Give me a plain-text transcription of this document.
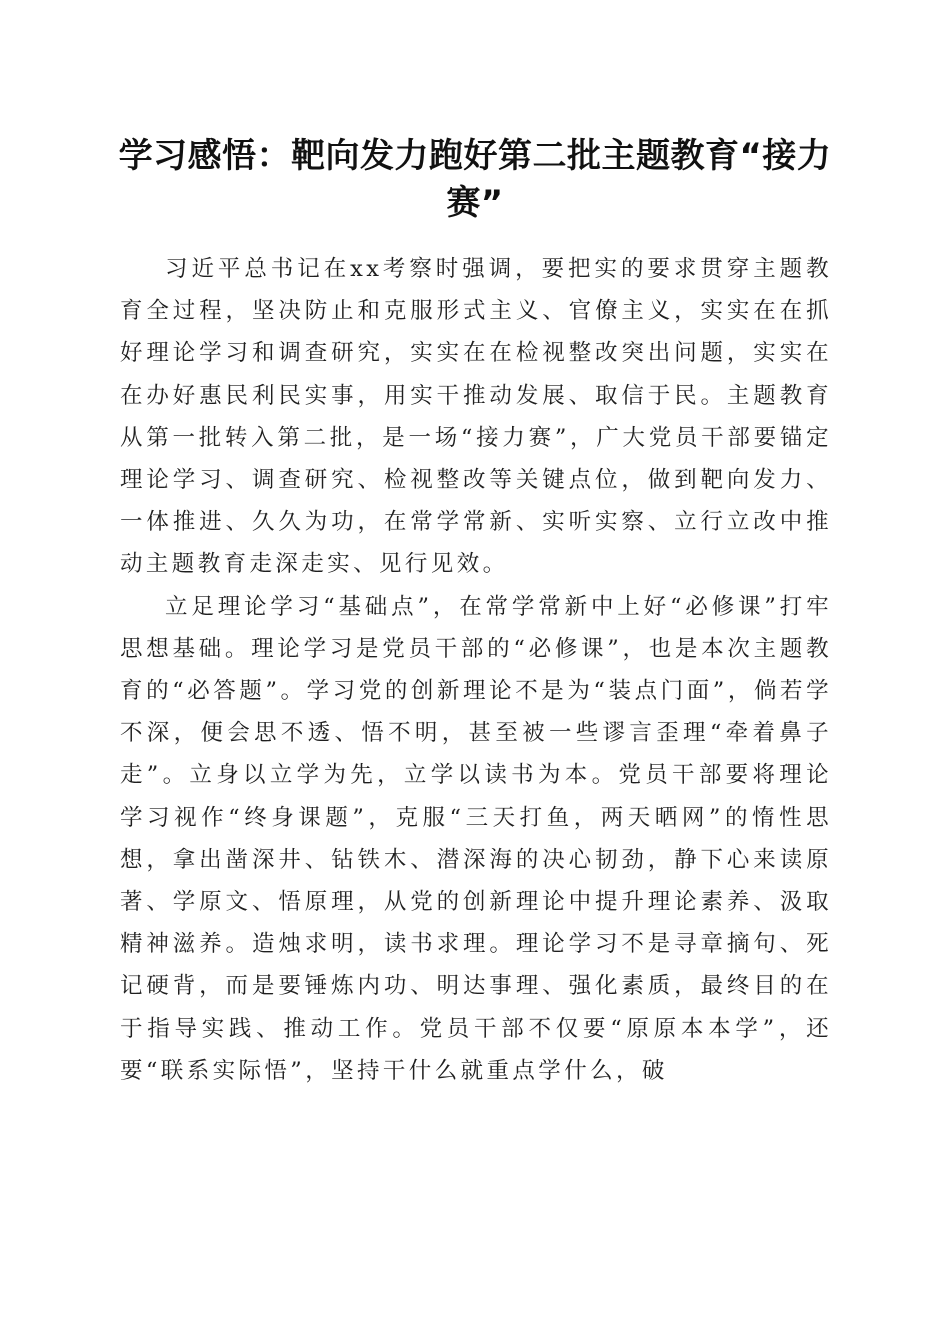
学习感悟：靶向发力跑好第二批主题教育“接力赛”

习近平总书记在xx考察时强调，要把实的要求贯穿主题教育全过程，坚决防止和克服形式主义、官僚主义，实实在在抓好理论学习和调查研究，实实在在检视整改突出问题，实实在在办好惠民利民实事，用实干推动发展、取信于民。主题教育从第一批转入第二批，是一场“接力赛”，广大党员干部要锚定理论学习、调查研究、检视整改等关键点位，做到靶向发力、一体推进、久久为功，在常学常新、实听实察、立行立改中推动主题教育走深走实、见行见效。

立足理论学习“基础点”，在常学常新中上好“必修课”打牢思想基础。理论学习是党员干部的“必修课”，也是本次主题教育的“必答题”。学习党的创新理论不是为“装点门面”，倘若学不深，便会思不透、悟不明，甚至被一些谬言歪理“牵着鼻子走”。立身以立学为先，立学以读书为本。党员干部要将理论学习视作“终身课题”，克服“三天打鱼，两天晒网”的惰性思想，拿出凿深井、钻铁木、潜深海的决心韧劲，静下心来读原著、学原文、悟原理，从党的创新理论中提升理论素养、汲取精神滋养。造烛求明，读书求理。理论学习不是寻章摘句、死记硬背，而是要锤炼内功、明达事理、强化素质，最终目的在于指导实践、推动工作。党员干部不仅要“原原本本学”，还要“联系实际悟”，坚持干什么就重点学什么，破
